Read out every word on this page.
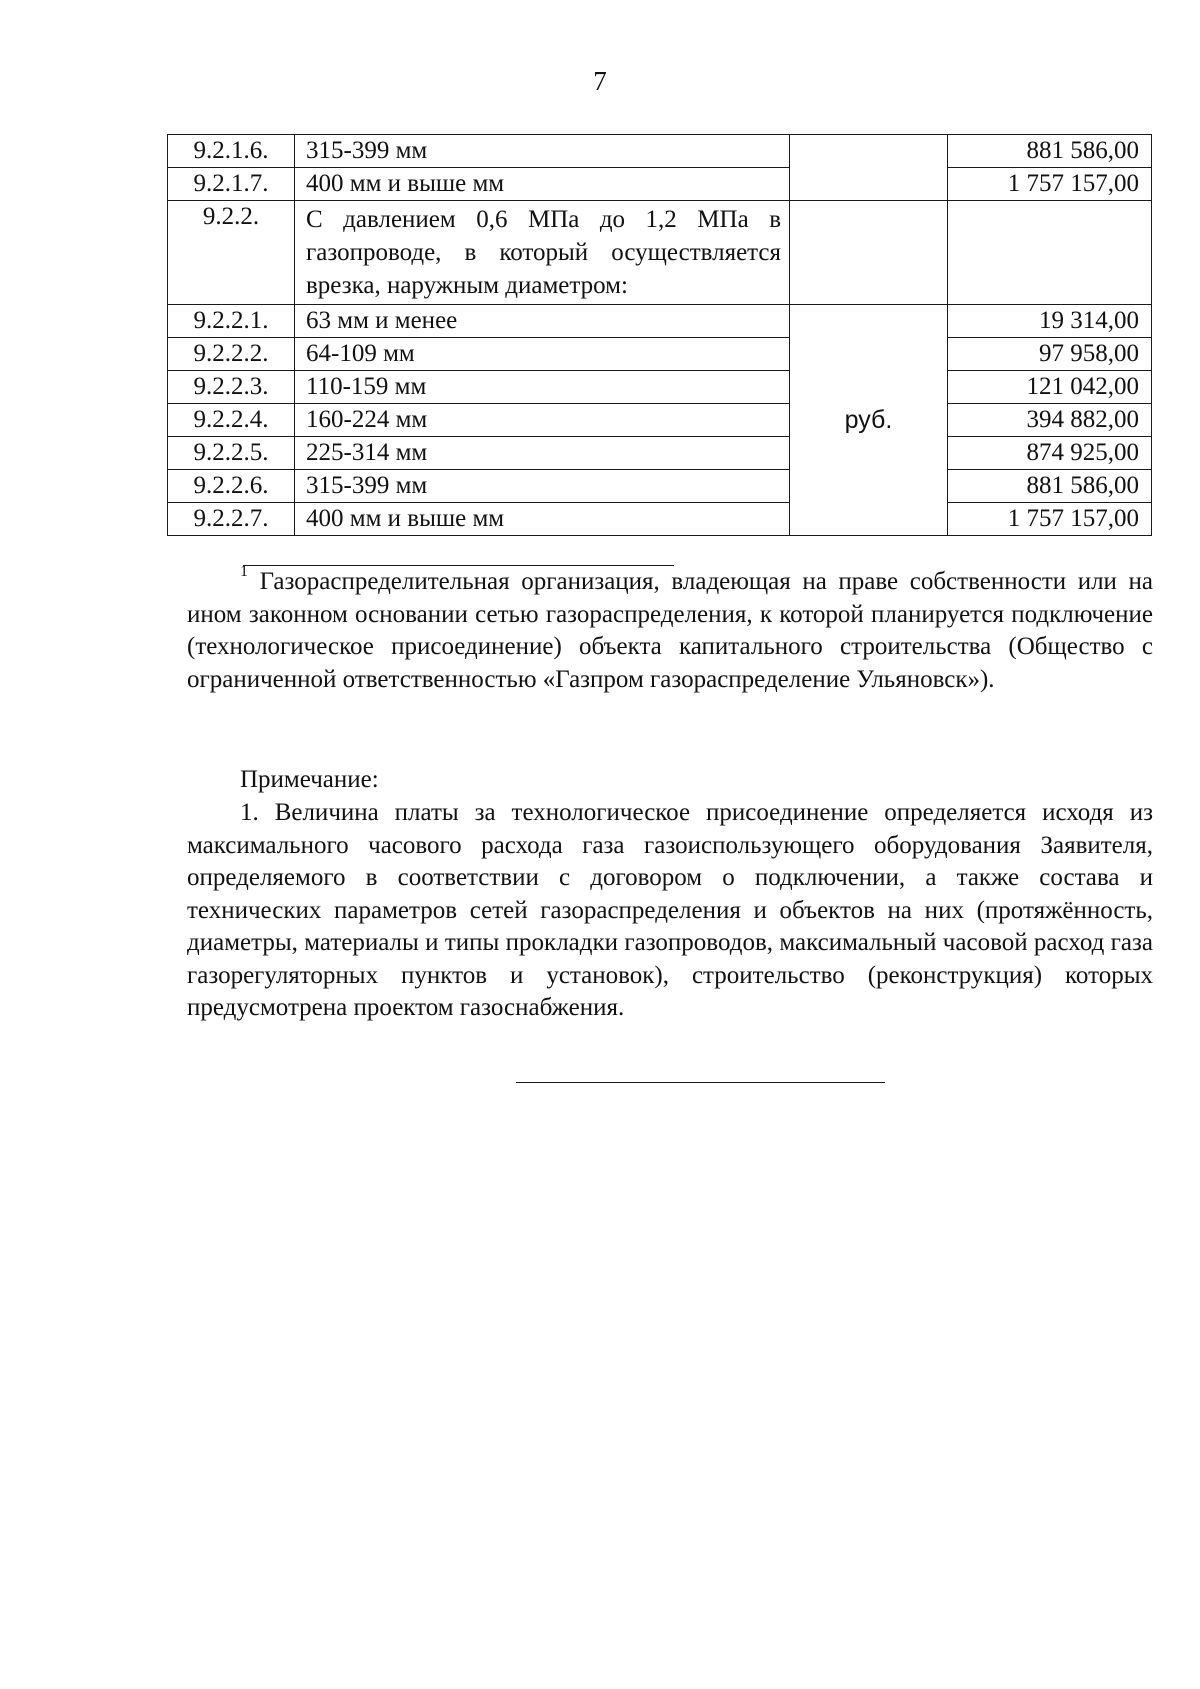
7
9.2.1.6.	315-399 мм		881 586,00
9.2.1.7.	400 мм и выше мм		1 757 157,00
9.2.2.	С давлением 0,6 МПа до 1,2 МПа в газопроводе, в который осуществляется врезка, наружным диаметром:		
9.2.2.1.	63 мм и менее	руб.	19 314,00
9.2.2.2.	64-109 мм		97 958,00
9.2.2.3.	110-159 мм		121 042,00
9.2.2.4.	160-224 мм		394 882,00
9.2.2.5.	225-314 мм		874 925,00
9.2.2.6.	315-399 мм		881 586,00
9.2.2.7.	400 мм и выше мм		1 757 157,00
$^1$ Газораспределительная организация, владеющая на праве собственности или на ином законном основании сетью газораспределения, к которой планируется подключение (технологическое присоединение) объекта капитального строительства (Общество с ограниченной ответственностью «Газпром газораспределение Ульяновск»).
Примечание:
1. Величина платы за технологическое присоединение определяется исходя из максимального часового расхода газа газоиспользующего оборудования Заявителя, определяемого в соответствии с договором о подключении, а также состава и технических параметров сетей газораспределения и объектов на них (протяжённость, диаметры, материалы и типы прокладки газопроводов, максимальный часовой расход газа газорегуляторных пунктов и установок), строительство (реконструкция) которых предусмотрена проектом газоснабжения.
